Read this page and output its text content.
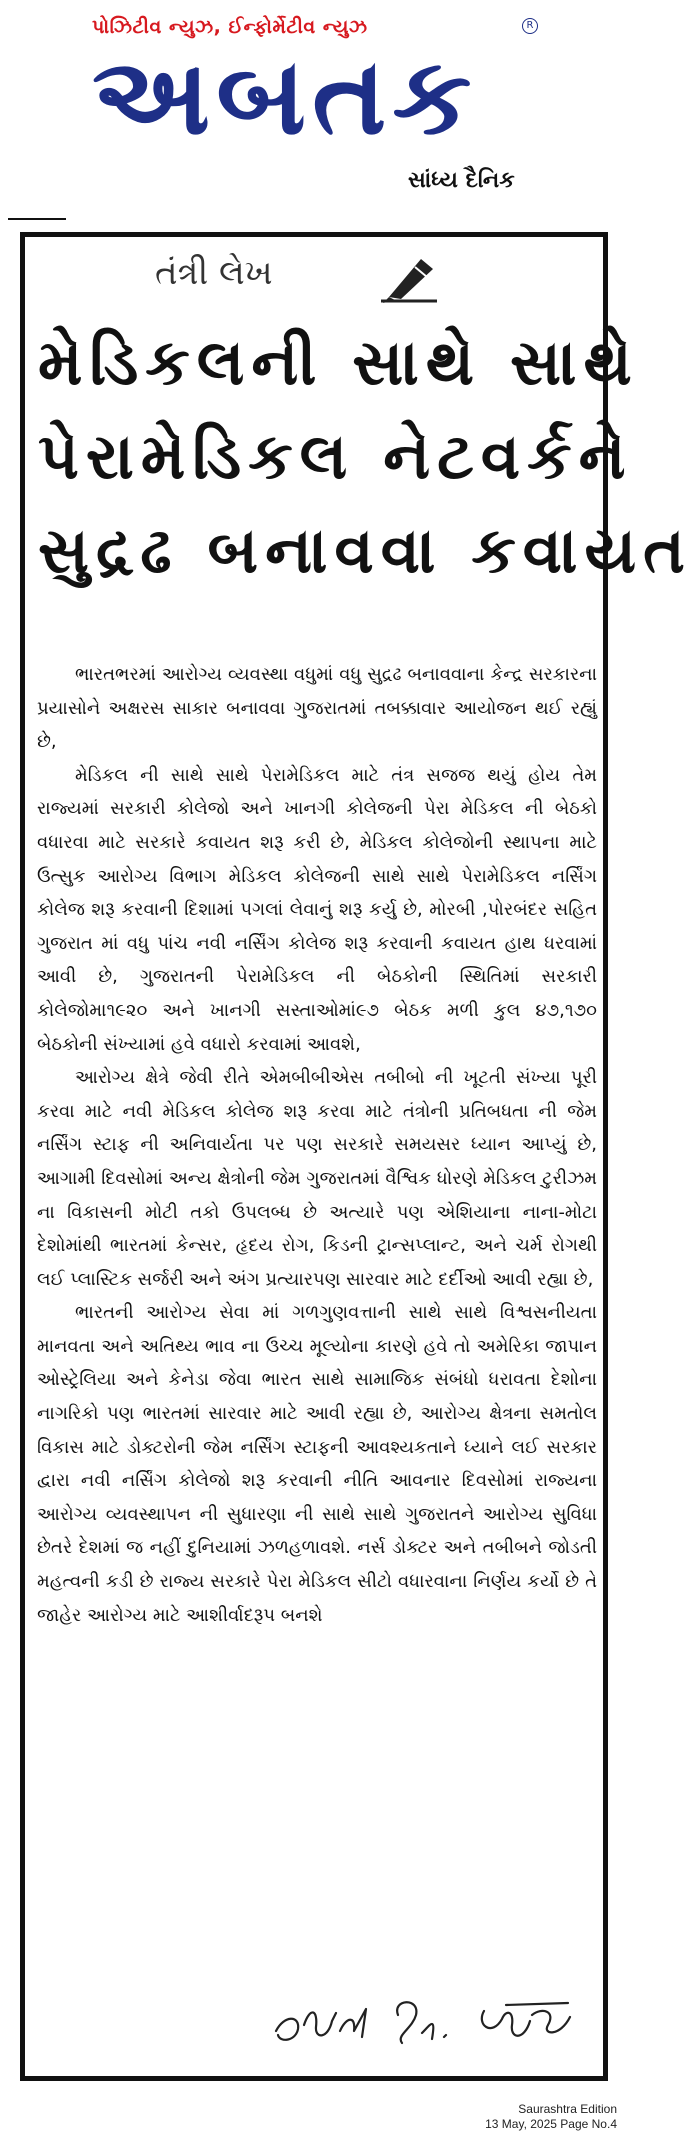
પોઝિટીવ ન્યુઝ, ઈન્ફોર્મેટીવ ન્યુઝ	R
અબતક
સાંધ્ય દૈનિક
તંત્રી લેખ
મેડિકલની સાથે સાથે
પેરામેડિકલ નેટવર્કને
સુદ્રઢ બનાવવા કવાયત

ભારતભરમાં આરોગ્ય વ્યવસ્થા વધુમાં વધુ સુદ્રઢ બનાવવાના કેન્દ્ર સરકારના પ્રયાસોને અક્ષરસ સાકાર બનાવવા ગુજરાતમાં તબક્કાવાર આયોજન થઈ રહ્યું છે,

મેડિકલ ની સાથે સાથે પેરામેડિકલ માટે તંત્ર સજજ થયું હોય તેમ રાજ્યમાં સરકારી કોલેજો અને ખાનગી કોલેજની પેરા મેડિકલ ની બેઠકો વધારવા માટે સરકારે કવાયત શરૂ કરી છે, મેડિકલ કોલેજોની સ્થાપના માટે ઉત્સુક આરોગ્ય વિભાગ મેડિકલ કોલેજની સાથે સાથે પેરામેડિકલ નર્સિંગ કોલેજ શરૂ કરવાની દિશામાં પગલાં લેવાનું શરૂ કર્યુ છે, મોરબી ,પોરબંદર સહિત ગુજરાત માં વધુ પાંચ નવી નર્સિંગ કોલેજ શરૂ કરવાની કવાયત હાથ ધરવામાં આવી છે, ગુજરાતની પેરામેડિકલ ની બેઠકોની સ્થિતિમાં સરકારી કોલેજોમા૧૯૨૦ અને ખાનગી સસ્તાઓમાં૯૭ બેઠક મળી કુલ ૪૭,૧૭૦ બેઠકોની સંખ્યામાં હવે વધારો કરવામાં આવશે,

આરોગ્ય ક્ષેત્રે જેવી રીતે એમબીબીએસ તબીબો ની ખૂટતી સંખ્યા પૂરી કરવા માટે નવી મેડિકલ કોલેજ શરૂ કરવા માટે તંત્રોની પ્રતિબધતા ની જેમ નર્સિંગ સ્ટાફ ની અનિવાર્યતા પર પણ સરકારે સમયસર ધ્યાન આપ્યું છે, આગામી દિવસોમાં અન્ય ક્ષેત્રોની જેમ ગુજરાતમાં વૈશ્વિક ધોરણે મેડિકલ ટુરીઝમ ના વિકાસની મોટી તકો ઉપલબ્ધ છે અત્યારે પણ એશિયાના નાના-મોટા દેશોમાંથી ભારતમાં કેન્સર, હૃદય રોગ, કિડની ટ્રાન્સપ્લાન્ટ, અને ચર્મ રોગથી લઈ પ્લાસ્ટિક સર્જરી અને અંગ પ્રત્યારપણ સારવાર માટે દર્દીઓ આવી રહ્યા છે,

ભારતની આરોગ્ય સેવા માં ગળગુણવત્તાની સાથે સાથે વિશ્વસનીયતા માનવતા અને અતિથ્ય ભાવ ના ઉચ્ચ મૂલ્યોના કારણે હવે તો અમેરિકા જાપાન ઓસ્ટ્રેલિયા અને કેનેડા જેવા ભારત સાથે સામાજિક સંબંધો ધરાવતા દેશોના નાગરિકો પણ ભારતમાં સારવાર માટે આવી રહ્યા છે, આરોગ્ય ક્ષેત્રના સમતોલ વિકાસ માટે ડોક્ટરોની જેમ નર્સિંગ સ્ટાફની આવશ્યકતાને ધ્યાને લઈ સરકાર દ્વારા નવી નર્સિંગ કોલેજો શરૂ કરવાની નીતિ આવનાર દિવસોમાં રાજ્યના આરોગ્ય વ્યવસ્થાપન ની સુધારણા ની સાથે સાથે ગુજરાતને આરોગ્ય સુવિધા છેતરે દેશમાં જ નહીં દુનિયામાં ઝળહળાવશે. નર્સ ડોક્ટર અને તબીબને જોડતી મહત્વની કડી છે રાજ્ય સરકારે પેરા મેડિકલ સીટો વધારવાના નિર્ણય કર્યો છે તે જાહેર આરોગ્ય માટે આશીર્વાદરૂપ બનશે

Saurashtra Edition
13 May, 2025 Page No.4
